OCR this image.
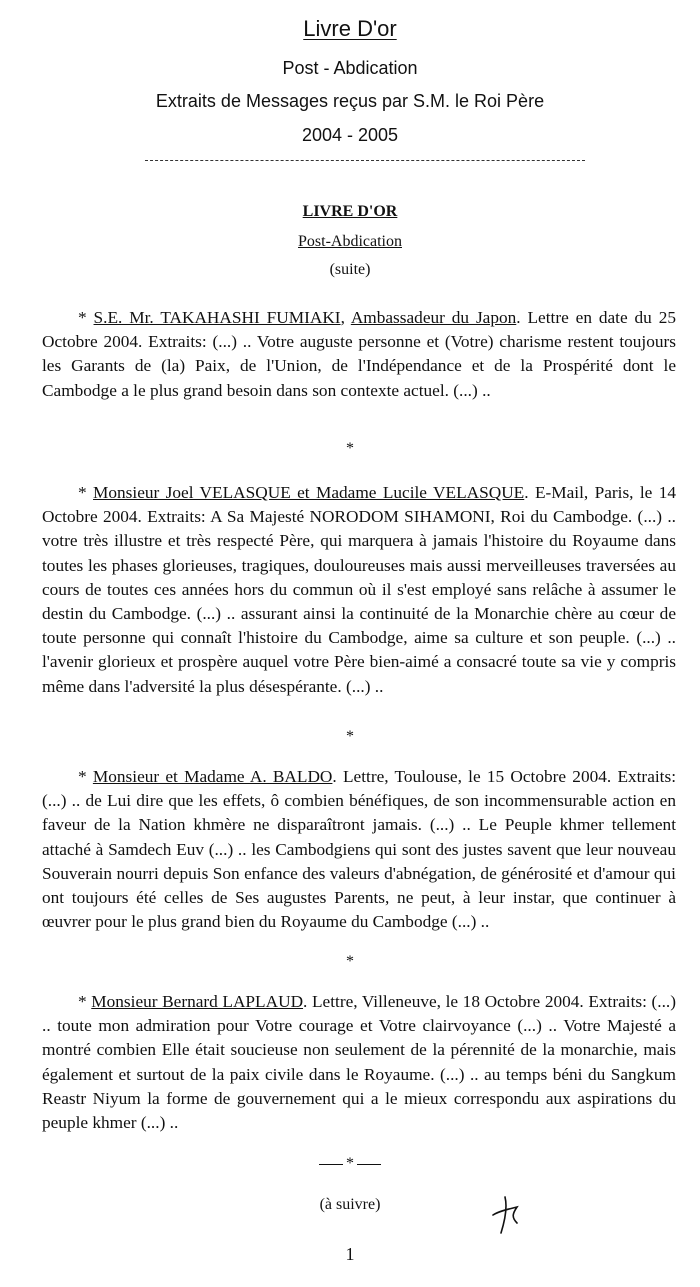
Livre D'or
Post - Abdication
Extraits de Messages reçus par S.M. le Roi Père
2004 - 2005
LIVRE D'OR
Post-Abdication
(suite)

* S.E. Mr. TAKAHASHI FUMIAKI, Ambassadeur du Japon. Lettre en date du 25 Octobre 2004. Extraits: (...) .. Votre auguste personne et (Votre) charisme restent toujours les Garants de (la) Paix, de l'Union, de l'Indépendance et de la Prospérité dont le Cambodge a le plus grand besoin dans son contexte actuel. (...) ..

*

* Monsieur Joel VELASQUE et Madame Lucile VELASQUE. E-Mail, Paris, le 14 Octobre 2004. Extraits: A Sa Majesté NORODOM SIHAMONI, Roi du Cambodge. (...) .. votre très illustre et très respecté Père, qui marquera à jamais l'histoire du Royaume dans toutes les phases glorieuses, tragiques, douloureuses mais aussi merveilleuses traversées au cours de toutes ces années hors du commun où il s'est employé sans relâche à assumer le destin du Cambodge. (...) .. assurant ainsi la continuité de la Monarchie chère au cœur de toute personne qui connaît l'histoire du Cambodge, aime sa culture et son peuple. (...) .. l'avenir glorieux et prospère auquel votre Père bien-aimé a consacré toute sa vie y compris même dans l'adversité la plus désespérante. (...) ..

*

* Monsieur et Madame A. BALDO. Lettre, Toulouse, le 15 Octobre 2004. Extraits: (...) .. de Lui dire que les effets, ô combien bénéfiques, de son incommensurable action en faveur de la Nation khmère ne disparaîtront jamais. (...) .. Le Peuple khmer tellement attaché à Samdech Euv (...) .. les Cambodgiens qui sont des justes savent que leur nouveau Souverain nourri depuis Son enfance des valeurs d'abnégation, de générosité et d'amour qui ont toujours été celles de Ses augustes Parents, ne peut, à leur instar, que continuer à œuvrer pour le plus grand bien du Royaume du Cambodge (...) ..

*

* Monsieur Bernard LAPLAUD. Lettre, Villeneuve, le 18 Octobre 2004. Extraits: (...) .. toute mon admiration pour Votre courage et Votre clairvoyance (...) .. Votre Majesté a montré combien Elle était soucieuse non seulement de la pérennité de la monarchie, mais également et surtout de la paix civile dans le Royaume. (...) .. au temps béni du Sangkum Reastr Niyum la forme de gouvernement qui a le mieux correspondu aux aspirations du peuple khmer (...) ..

*
(à suivre)
1
